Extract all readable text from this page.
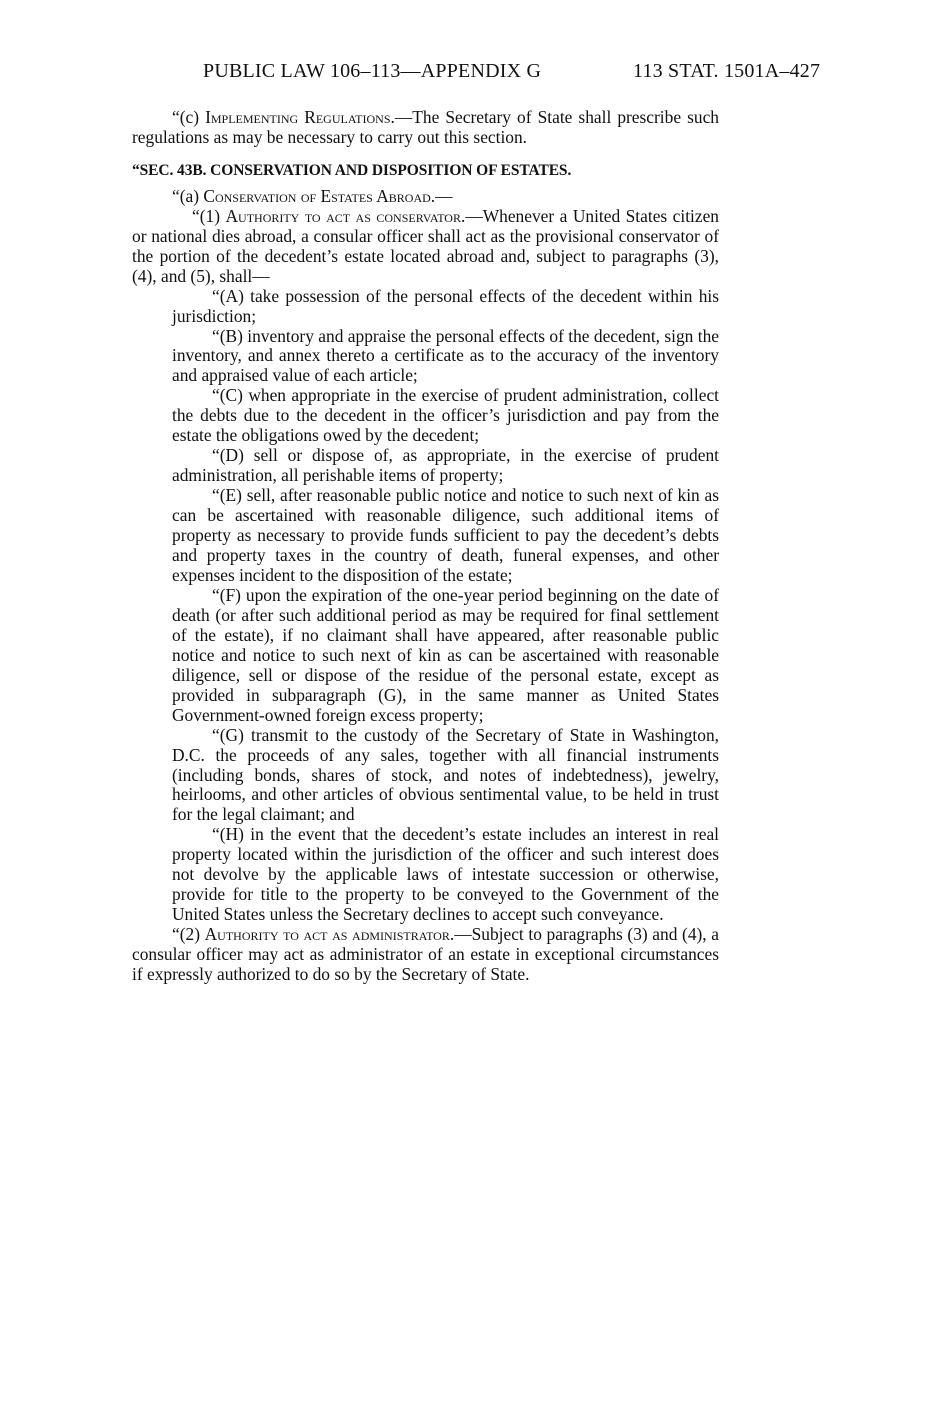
PUBLIC LAW 106–113—APPENDIX G	113 STAT. 1501A–427

“(c) Implementing Regulations.—The Secretary of State shall prescribe such regulations as may be necessary to carry out this section.

“SEC. 43B. CONSERVATION AND DISPOSITION OF ESTATES.

“(a) Conservation of Estates Abroad.—

“(1) Authority to act as conservator.—Whenever a United States citizen or national dies abroad, a consular officer shall act as the provisional conservator of the portion of the decedent’s estate located abroad and, subject to paragraphs (3), (4), and (5), shall—

“(A) take possession of the personal effects of the decedent within his jurisdiction;

“(B) inventory and appraise the personal effects of the decedent, sign the inventory, and annex thereto a certificate as to the accuracy of the inventory and appraised value of each article;

“(C) when appropriate in the exercise of prudent administration, collect the debts due to the decedent in the officer’s jurisdiction and pay from the estate the obligations owed by the decedent;

“(D) sell or dispose of, as appropriate, in the exercise of prudent administration, all perishable items of property;

“(E) sell, after reasonable public notice and notice to such next of kin as can be ascertained with reasonable diligence, such additional items of property as necessary to provide funds sufficient to pay the decedent’s debts and property taxes in the country of death, funeral expenses, and other expenses incident to the disposition of the estate;

“(F) upon the expiration of the one-year period beginning on the date of death (or after such additional period as may be required for final settlement of the estate), if no claimant shall have appeared, after reasonable public notice and notice to such next of kin as can be ascertained with reasonable diligence, sell or dispose of the residue of the personal estate, except as provided in subparagraph (G), in the same manner as United States Government-owned foreign excess property;

“(G) transmit to the custody of the Secretary of State in Washington, D.C. the proceeds of any sales, together with all financial instruments (including bonds, shares of stock, and notes of indebtedness), jewelry, heirlooms, and other articles of obvious sentimental value, to be held in trust for the legal claimant; and

“(H) in the event that the decedent’s estate includes an interest in real property located within the jurisdiction of the officer and such interest does not devolve by the applicable laws of intestate succession or otherwise, provide for title to the property to be conveyed to the Government of the United States unless the Secretary declines to accept such conveyance.

“(2) Authority to act as administrator.—Subject to paragraphs (3) and (4), a consular officer may act as administrator of an estate in exceptional circumstances if expressly authorized to do so by the Secretary of State.
